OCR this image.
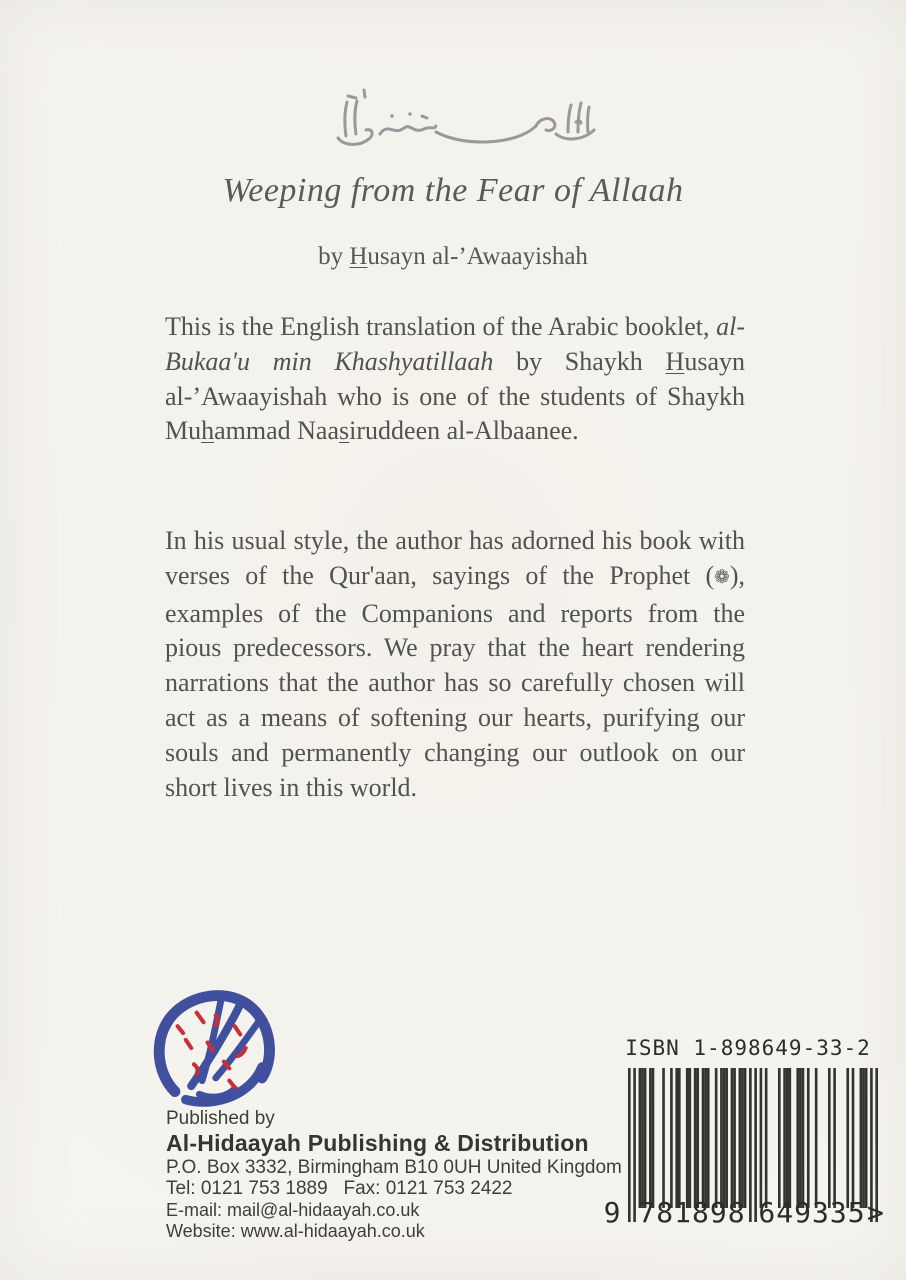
Weeping from the Fear of Allaah
by Husayn al-’Awaayishah

This is the English translation of the Arabic booklet, al-Bukaa'u min Khashyatillaah by Shaykh Husayn al-’Awaayishah who is one of the students of Shaykh Muhammad Naasiruddeen al-Albaanee.

In his usual style, the author has adorned his book with verses of the Qur'aan, sayings of the Prophet (❁), examples of the Companions and reports from the pious predecessors. We pray that the heart rendering narrations that the author has so carefully chosen will act as a means of softening our hearts, purifying our souls and permanently changing our outlook on our short lives in this world.

Published by
Al-Hidaayah Publishing & Distribution
P.O. Box 3332, Birmingham B10 0UH United Kingdom
Tel: 0121 753 1889   Fax: 0121 753 2422
E-mail: mail@al-hidaayah.co.uk
Website: www.al-hidaayah.co.uk
ISBN 1-898649-33-2
9 781898 649335 >
